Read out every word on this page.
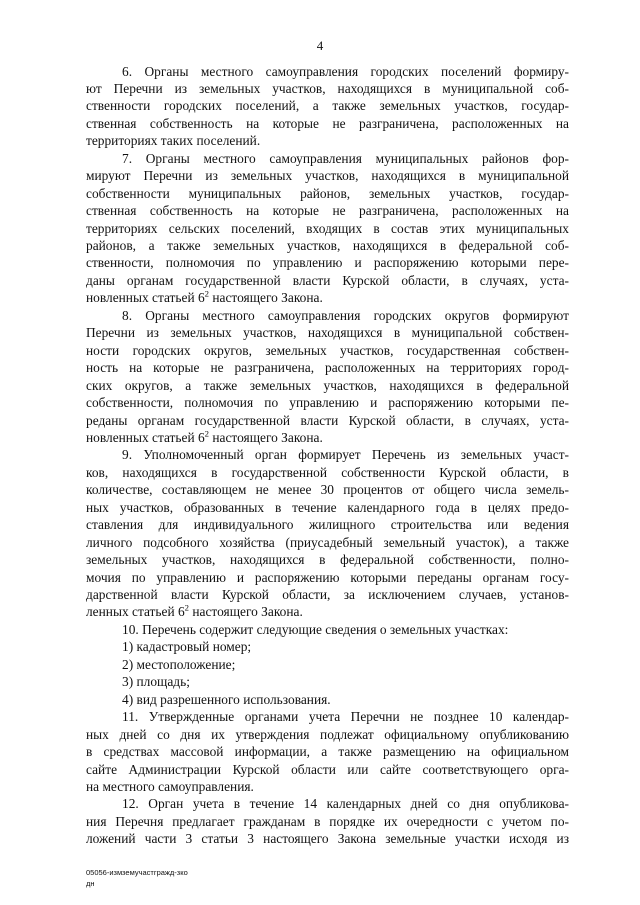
4
6. Органы местного самоуправления городских поселений формиру-
ют Перечни из земельных участков, находящихся в муниципальной соб-
ственности городских поселений, а также земельных участков, государ-
ственная собственность на которые не разграничена, расположенных на
территориях таких поселений.
7. Органы местного самоуправления муниципальных районов фор-
мируют Перечни из земельных участков, находящихся в муниципальной
собственности муниципальных районов, земельных участков, государ-
ственная собственность на которые не разграничена, расположенных на
территориях сельских поселений, входящих в состав этих муниципальных
районов, а также земельных участков, находящихся в федеральной соб-
ственности, полномочия по управлению и распоряжению которыми пере-
даны органам государственной власти Курской области, в случаях, уста-
новленных статьей $6^2$ настоящего Закона.
8. Органы местного самоуправления городских округов формируют
Перечни из земельных участков, находящихся в муниципальной собствен-
ности городских округов, земельных участков, государственная собствен-
ность на которые не разграничена, расположенных на территориях город-
ских округов, а также земельных участков, находящихся в федеральной
собственности, полномочия по управлению и распоряжению которыми пе-
реданы органам государственной власти Курской области, в случаях, уста-
новленных статьей $6^2$ настоящего Закона.
9. Уполномоченный орган формирует Перечень из земельных участ-
ков, находящихся в государственной собственности Курской области, в
количестве, составляющем не менее 30 процентов от общего числа земель-
ных участков, образованных в течение календарного года в целях предо-
ставления для индивидуального жилищного строительства или ведения
личного подсобного хозяйства (приусадебный земельный участок), а также
земельных участков, находящихся в федеральной собственности, полно-
мочия по управлению и распоряжению которыми переданы органам госу-
дарственной власти Курской области, за исключением случаев, установ-
ленных статьей $6^2$ настоящего Закона.
10. Перечень содержит следующие сведения о земельных участках:
1) кадастровый номер;
2) местоположение;
3) площадь;
4) вид разрешенного использования.
11. Утвержденные органами учета Перечни не позднее 10 календар-
ных дней со дня их утверждения подлежат официальному опубликованию
в средствах массовой информации, а также размещению на официальном
сайте Администрации Курской области или сайте соответствующего орга-
на местного самоуправления.
12. Орган учета в течение 14 календарных дней со дня опубликова-
ния Перечня предлагает гражданам в порядке их очередности с учетом по-
ложений части 3 статьи 3 настоящего Закона земельные участки исходя из
05056-измземучастгражд-зко
дн
